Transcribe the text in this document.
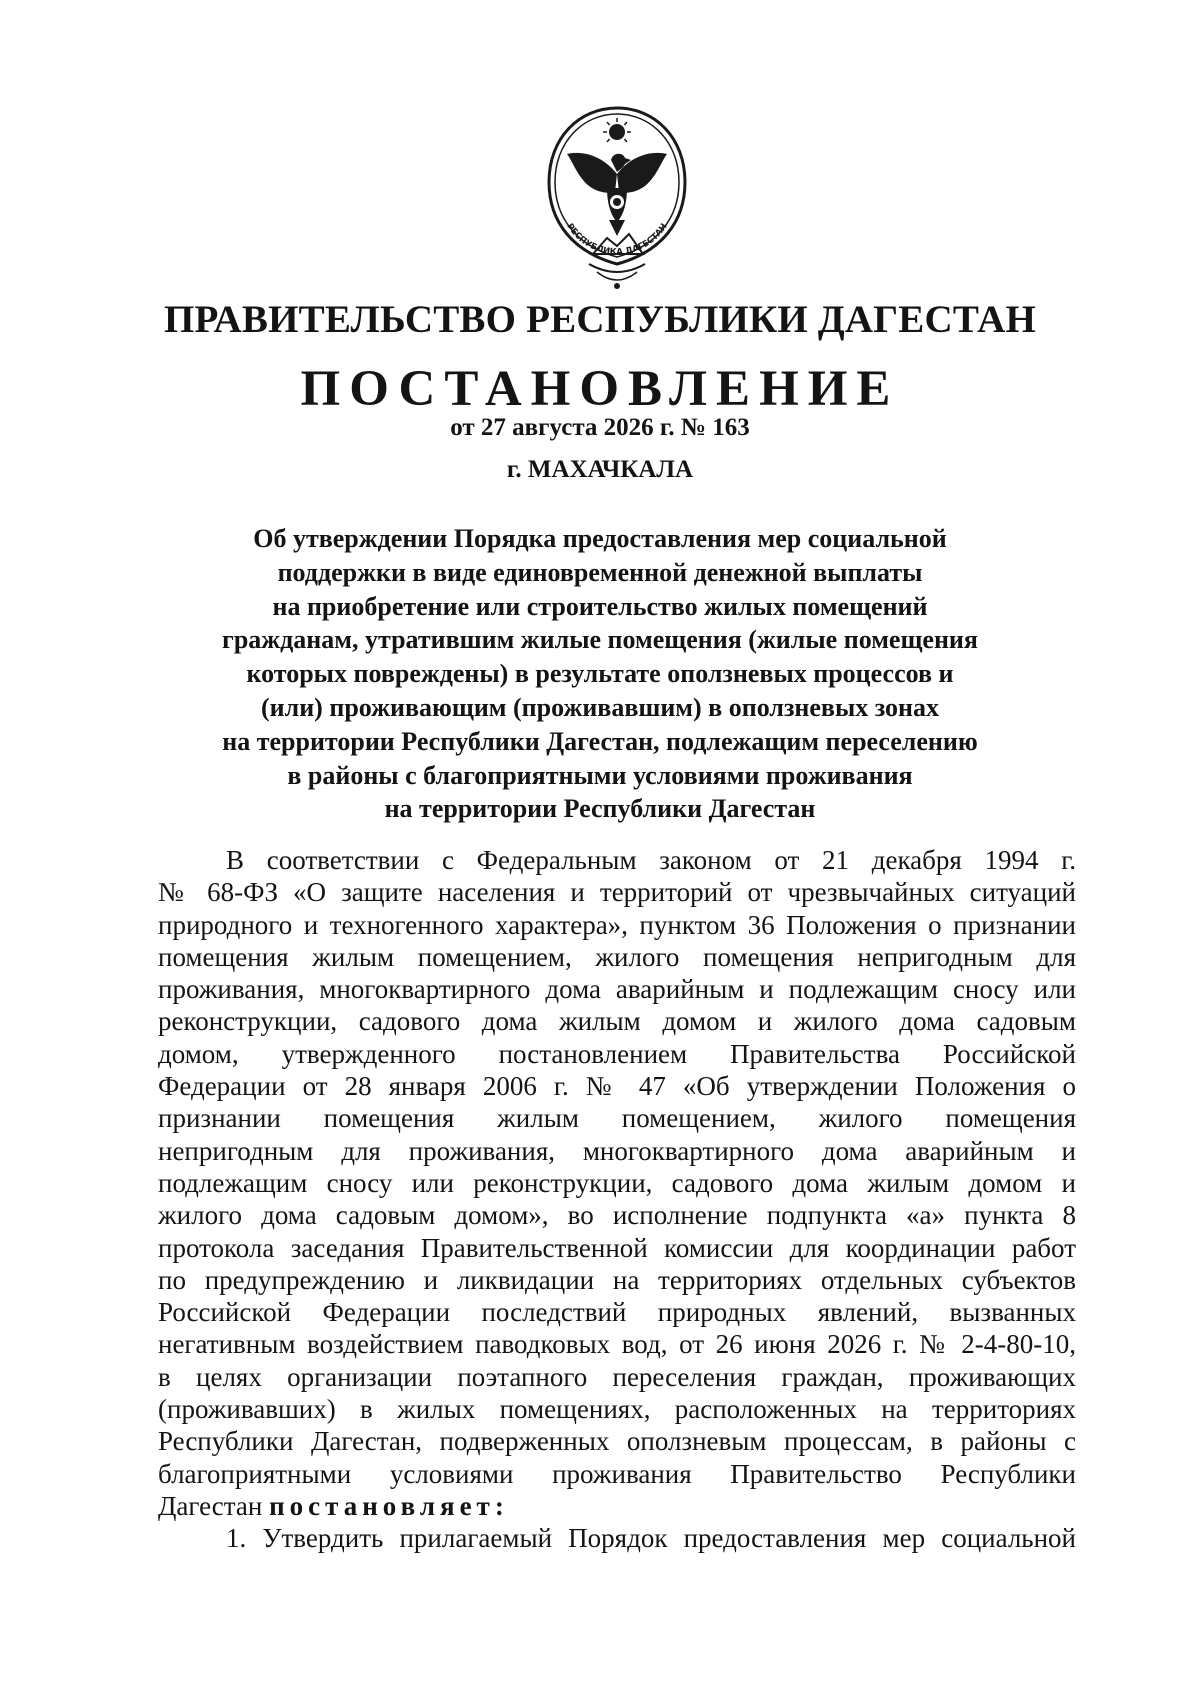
РЕСПУБЛИКА ДАГЕСТАН
ПРАВИТЕЛЬСТВО РЕСПУБЛИКИ ДАГЕСТАН
ПОСТАНОВЛЕНИЕ
от 27 августа 2026 г. № 163
г. МАХАЧКАЛА
Об утверждении Порядка предоставления мер социальной
поддержки в виде единовременной денежной выплаты
на приобретение или строительство жилых помещений
гражданам, утратившим жилые помещения (жилые помещения
которых повреждены) в результате оползневых процессов и
(или) проживающим (проживавшим) в оползневых зонах
на территории Республики Дагестан, подлежащим переселению
в районы с благоприятными условиями проживания
на территории Республики Дагестан
В соответствии с Федеральным законом от 21 декабря 1994 г.
№ 68-ФЗ «О защите населения и территорий от чрезвычайных ситуаций
природного и техногенного характера», пунктом 36 Положения о признании
помещения жилым помещением, жилого помещения непригодным для
проживания, многоквартирного дома аварийным и подлежащим сносу или
реконструкции, садового дома жилым домом и жилого дома садовым
домом, утвержденного постановлением Правительства Российской
Федерации от 28 января 2006 г. № 47 «Об утверждении Положения о
признании помещения жилым помещением, жилого помещения
непригодным для проживания, многоквартирного дома аварийным и
подлежащим сносу или реконструкции, садового дома жилым домом и
жилого дома садовым домом», во исполнение подпункта «а» пункта 8
протокола заседания Правительственной комиссии для координации работ
по предупреждению и ликвидации на территориях отдельных субъектов
Российской Федерации последствий природных явлений, вызванных
негативным воздействием паводковых вод, от 26 июня 2026 г. № 2-4-80-10,
в целях организации поэтапного переселения граждан, проживающих
(проживавших) в жилых помещениях, расположенных на территориях
Республики Дагестан, подверженных оползневым процессам, в районы с
благоприятными условиями проживания Правительство Республики
Дагестан постановляет:
1. Утвердить прилагаемый Порядок предоставления мер социальной
